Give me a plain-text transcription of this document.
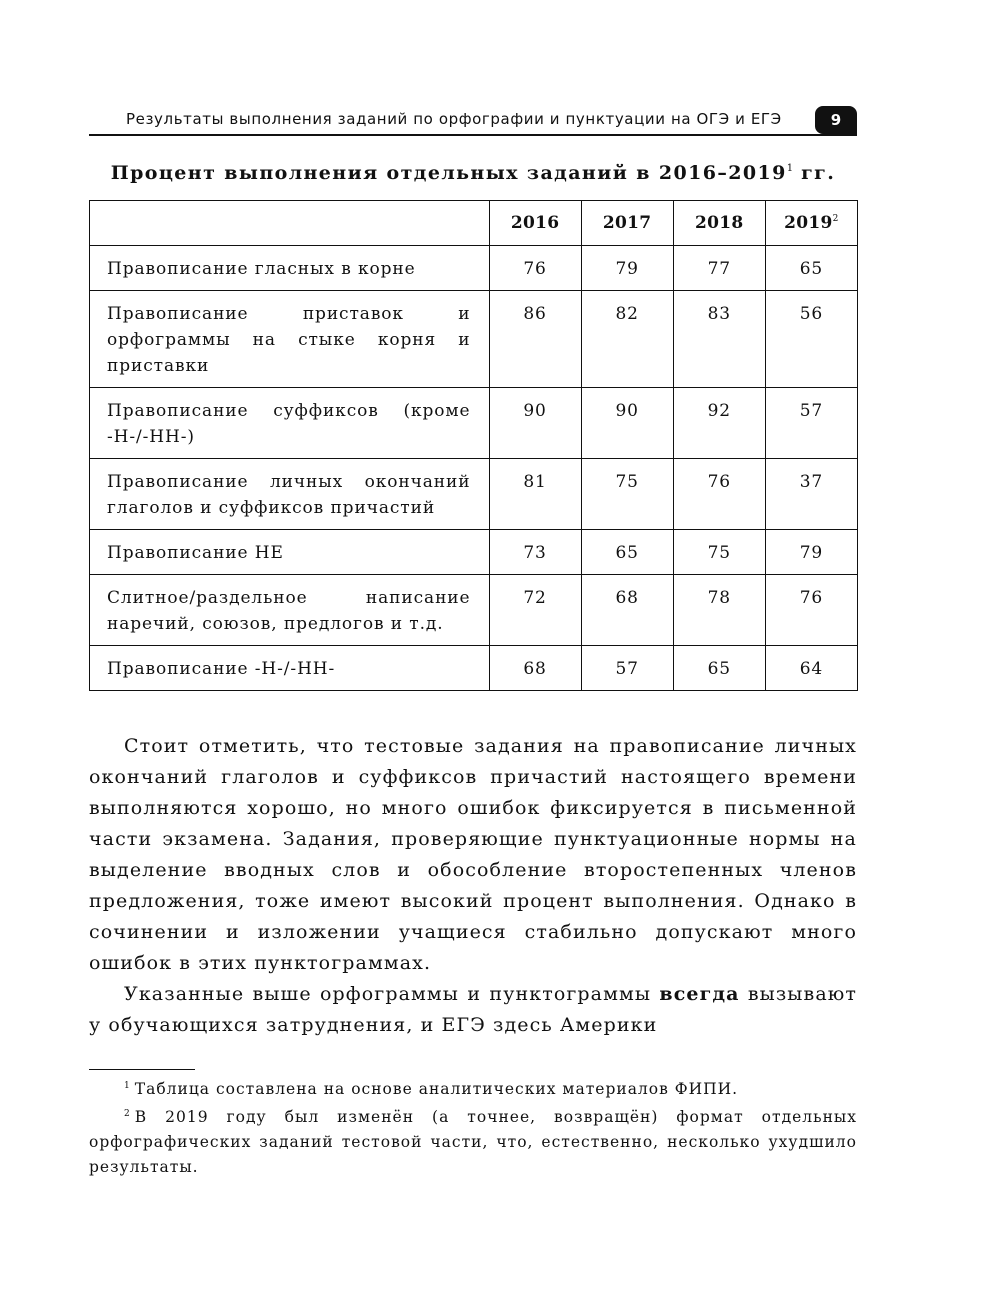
Результаты выполнения заданий по орфографии и пунктуации на ОГЭ и ЕГЭ	9
Процент выполнения отдельных заданий в 2016–2019$^1$ гг.
	2016	2017	2018	2019$^2$
Правописание гласных в корне	76	79	77	65
Правописание приставок и орфограммы на стыке корня и приставки	86	82	83	56
Правописание суффиксов (кроме -Н-/-НН-)	90	90	92	57
Правописание личных окончаний глаголов и суффиксов причастий	81	75	76	37
Правописание НЕ	73	65	75	79
Слитное/раздельное написание наречий, союзов, предлогов и т.д.	72	68	78	76
Правописание -Н-/-НН-	68	57	65	64

Стоит отметить, что тестовые задания на правописание личных окончаний глаголов и суффиксов причастий настоящего времени выполняются хорошо, но много ошибок фиксируется в письменной части экзамена. Задания, проверяющие пунктуационные нормы на выделение вводных слов и обособление второстепенных членов предложения, тоже имеют высокий процент выполнения. Однако в сочинении и изложении учащиеся стабильно допускают много ошибок в этих пунктограммах.

Указанные выше орфограммы и пунктограммы всегда вызывают у обучающихся затруднения, и ЕГЭ здесь Америки

$^1$ Таблица составлена на основе аналитических материалов ФИПИ.

$^2$ В 2019 году был изменён (а точнее, возвращён) формат отдельных орфографических заданий тестовой части, что, естественно, несколько ухудшило результаты.
